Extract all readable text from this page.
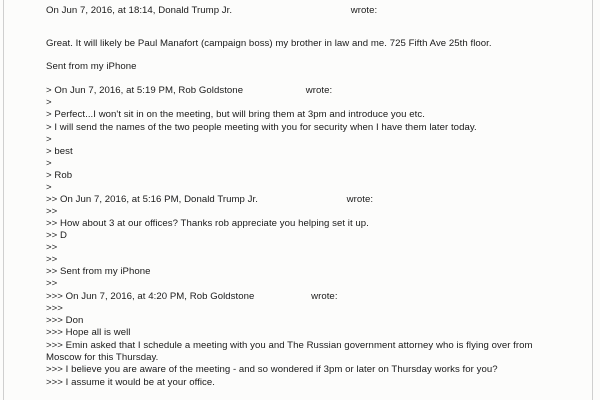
On Jun 7, 2016, at 18:14, Donald Trump Jr.	wrote:
Great. It will likely be Paul Manafort (campaign boss) my brother in law and me. 725 Fifth Ave 25th floor.
Sent from my iPhone
> On Jun 7, 2016, at 5:19 PM, Rob Goldstone	wrote:
>
> Perfect...I won't sit in on the meeting, but will bring them at 3pm and introduce you etc.
> I will send the names of the two people meeting with you for security when I have them later today.
>
> best
>
> Rob
>
>> On Jun 7, 2016, at 5:16 PM, Donald Trump Jr.	wrote:
>>
>> How about 3 at our offices? Thanks rob appreciate you helping set it up.
>> D
>>
>>
>> Sent from my iPhone
>>
>>> On Jun 7, 2016, at 4:20 PM, Rob Goldstone	wrote:
>>>
>>> Don
>>> Hope all is well
>>> Emin asked that I schedule a meeting with you and The Russian government attorney who is flying over from
Moscow for this Thursday.
>>> I believe you are aware of the meeting - and so wondered if 3pm or later on Thursday works for you?
>>> I assume it would be at your office.
